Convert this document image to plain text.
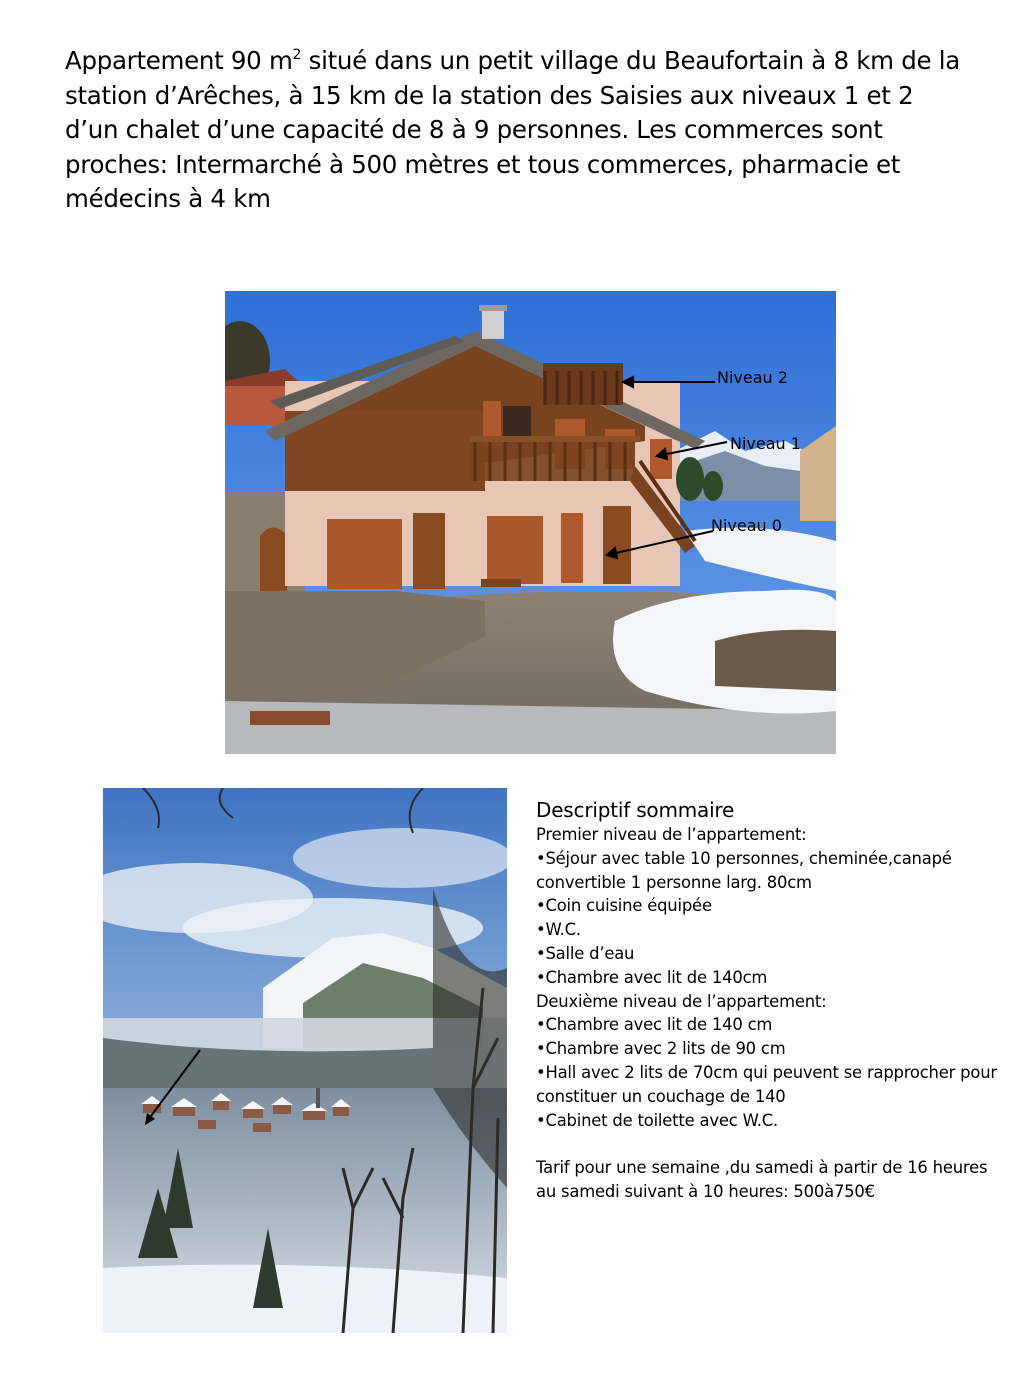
Appartement 90 $m^2$ situé dans un petit village du Beaufortain à 8 km de la station d’Arêches, à 15 km de la station des Saisies aux niveaux 1 et 2 d’un chalet d’une capacité de 8 à 9 personnes. Les commerces sont proches: Intermarché à 500 mètres et tous commerces, pharmacie et médecins à 4 km
Niveau 2
Niveau 1
Niveau 0
Descriptif sommaire
Premier niveau de l’appartement:
•Séjour avec table 10 personnes, cheminée,canapé convertible 1 personne larg. 80cm
•Coin cuisine équipée
•W.C.
•Salle d’eau
•Chambre avec lit de 140cm
Deuxième niveau de l’appartement:
•Chambre avec lit de 140 cm
•Chambre avec 2 lits de 90 cm
•Hall avec 2 lits de 70cm qui peuvent se rapprocher pour constituer un couchage de 140
•Cabinet de toilette avec W.C.
Tarif pour une semaine ,du samedi à partir de 16 heures au samedi suivant à 10 heures: 500à750€
